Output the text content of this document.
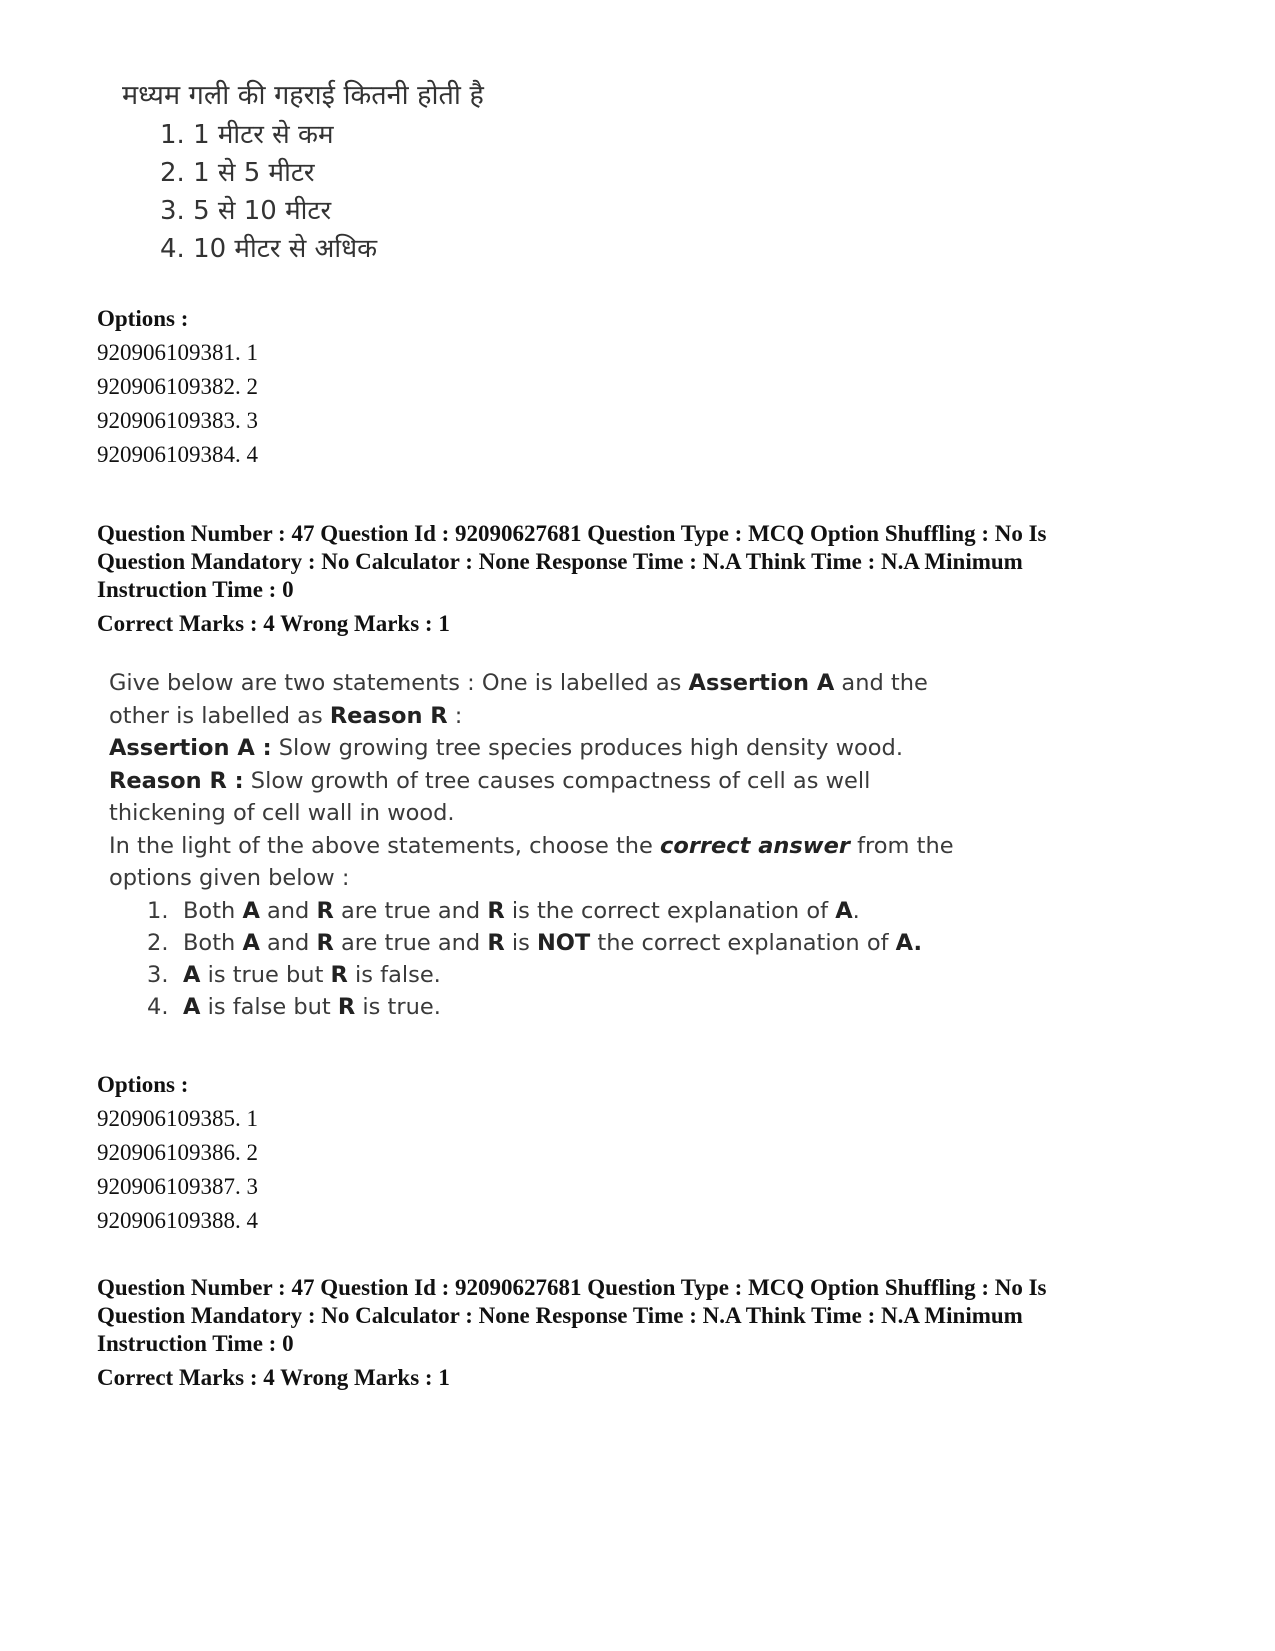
मध्यम गली की गहराई कितनी होती है
1. 1 मीटर से कम
2. 1 से 5 मीटर
3. 5 से 10 मीटर
4. 10 मीटर से अधिक
Options :
920906109381. 1
920906109382. 2
920906109383. 3
920906109384. 4
Question Number : 47 Question Id : 92090627681 Question Type : MCQ Option Shuffling : No Is Question Mandatory : No Calculator : None Response Time : N.A Think Time : N.A Minimum Instruction Time : 0
Correct Marks : 4 Wrong Marks : 1

Give below are two statements : One is labelled as Assertion A and the other is labelled as Reason R :

Assertion A : Slow growing tree species produces high density wood.

Reason R : Slow growth of tree causes compactness of cell as well thickening of cell wall in wood.

In the light of the above statements, choose the correct answer from the options given below :

1. Both A and R are true and R is the correct explanation of A.
2. Both A and R are true and R is NOT the correct explanation of A.
3. A is true but R is false.
4. A is false but R is true.
Options :
920906109385. 1
920906109386. 2
920906109387. 3
920906109388. 4
Question Number : 47 Question Id : 92090627681 Question Type : MCQ Option Shuffling : No Is Question Mandatory : No Calculator : None Response Time : N.A Think Time : N.A Minimum Instruction Time : 0
Correct Marks : 4 Wrong Marks : 1
